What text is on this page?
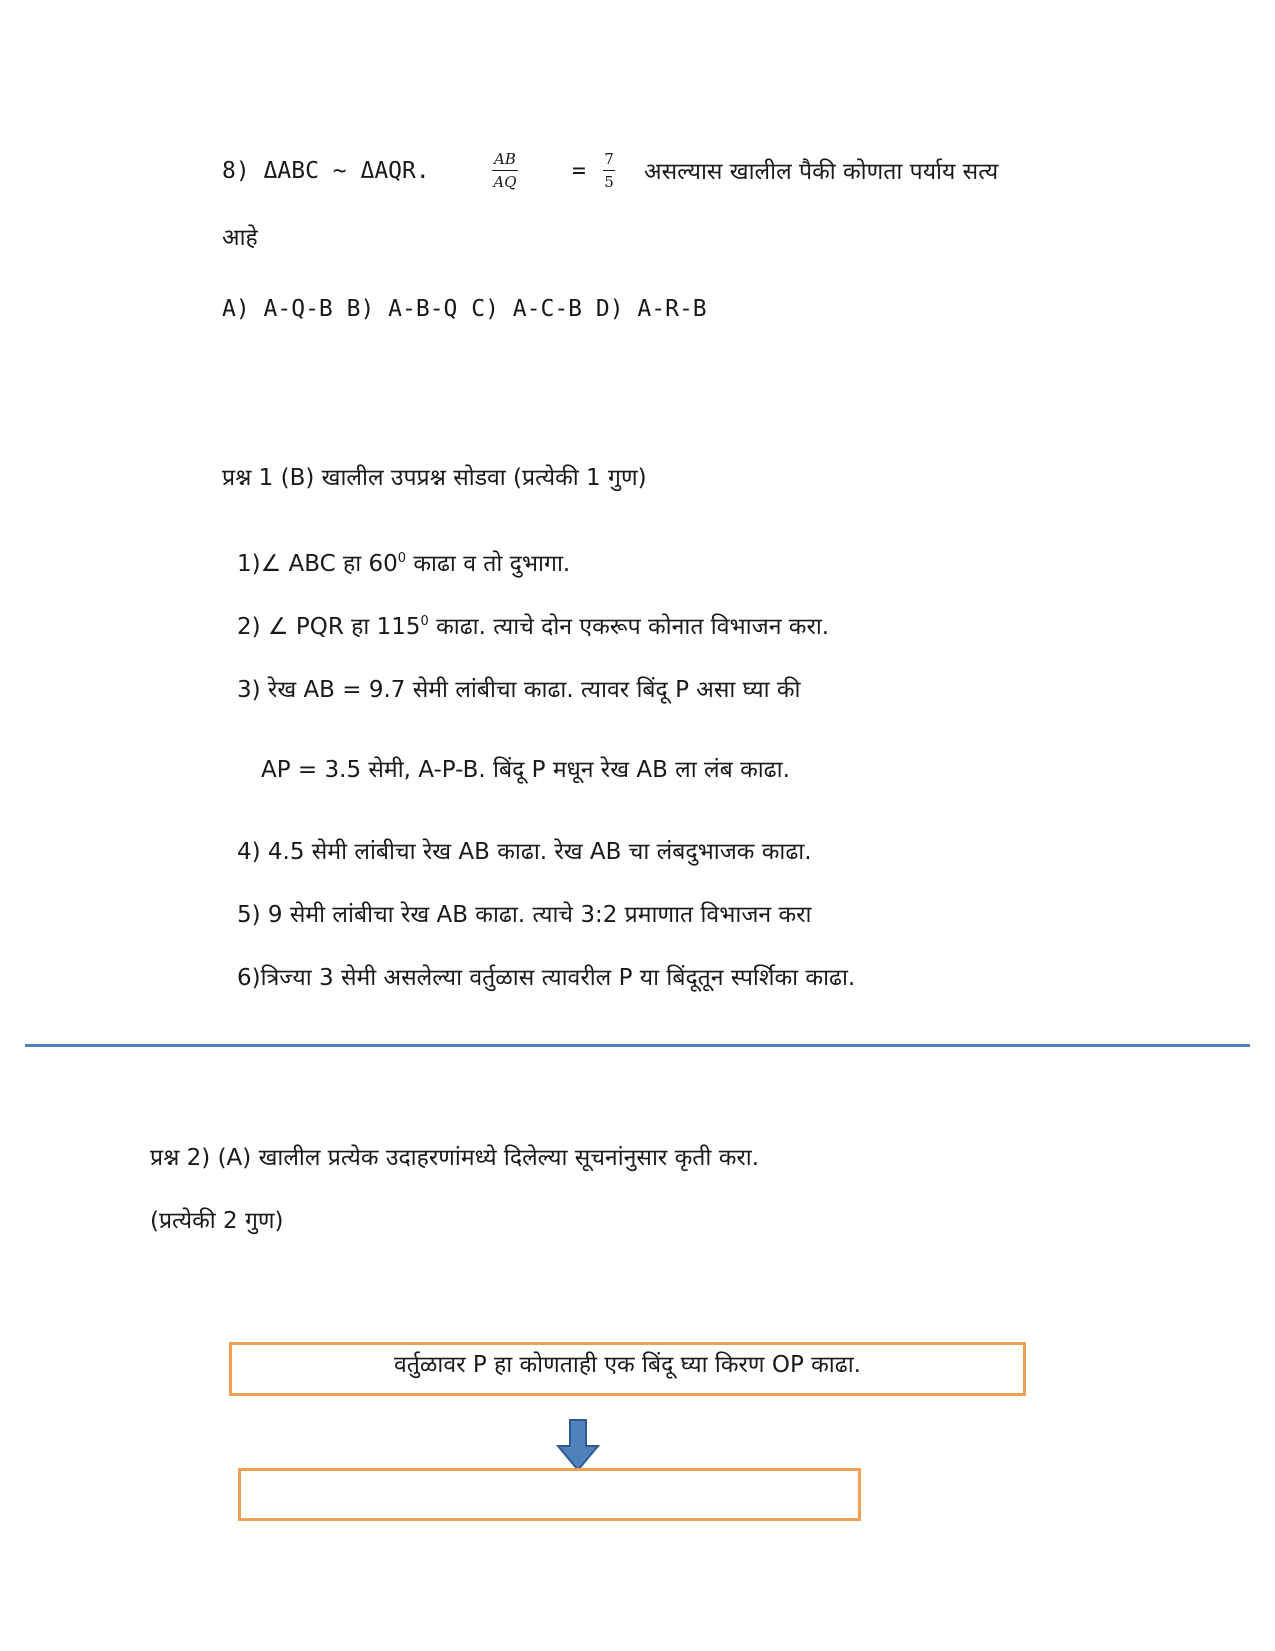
8) ΔABC ~ ΔAQR.	AB
AQ = 7
5 असल्यास खालील पैकी कोणता पर्याय सत्य
आहे
A) A-Q-B B) A-B-Q C) A-C-B D) A-R-B
प्रश्न 1 (B) खालील उपप्रश्न सोडवा (प्रत्येकी 1 गुण)
1)∠ ABC हा $60^0$ काढा व तो दुभागा.
2) ∠ PQR हा $115^0$ काढा. त्याचे दोन एकरूप कोनात विभाजन करा.
3) रेख AB = 9.7 सेमी लांबीचा काढा. त्यावर बिंदू P असा घ्या की
AP = 3.5 सेमी, A-P-B. बिंदू P मधून रेख AB ला लंब काढा.
4) 4.5 सेमी लांबीचा रेख AB काढा. रेख AB चा लंबदुभाजक काढा.
5) 9 सेमी लांबीचा रेख AB काढा. त्याचे 3:2 प्रमाणात विभाजन करा
6)त्रिज्या 3 सेमी असलेल्या वर्तुळास त्यावरील P या बिंदूतून स्पर्शिका काढा.
प्रश्न 2) (A) खालील प्रत्येक उदाहरणांमध्ये दिलेल्या सूचनांनुसार कृती करा.
(प्रत्येकी 2 गुण)
वर्तुळावर P हा कोणताही एक बिंदू घ्या किरण OP काढा.
